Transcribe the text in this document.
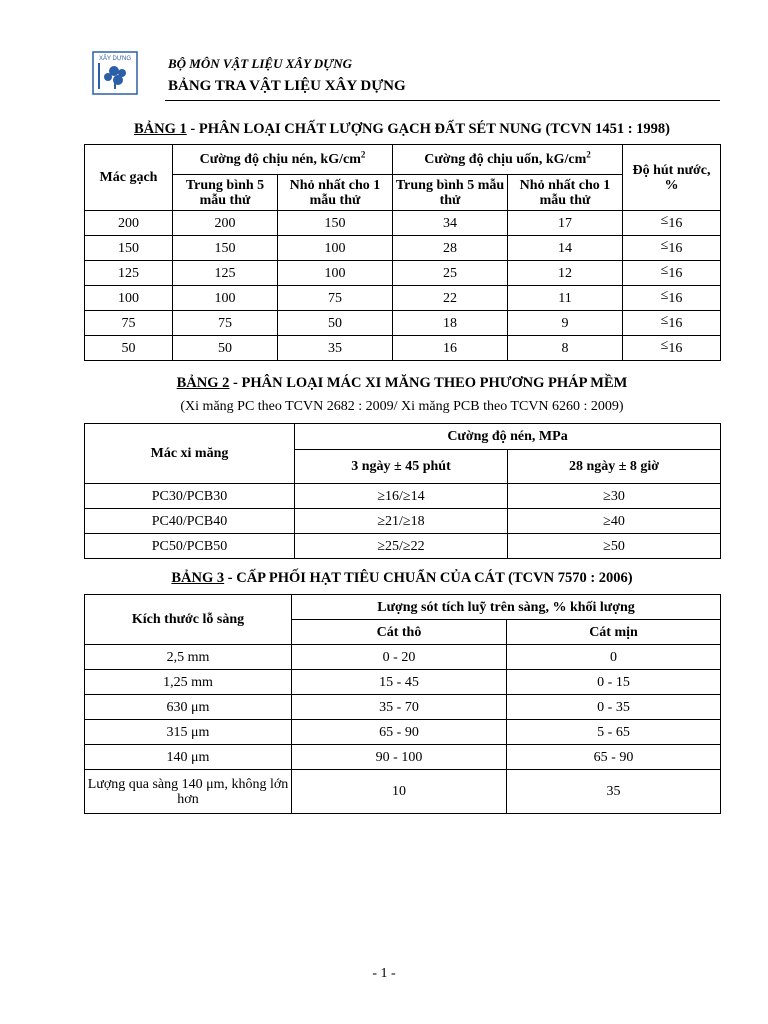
XÂY DỰNG	BỘ MÔN VẬT LIỆU XÂY DỰNG
BẢNG TRA VẬT LIỆU XÂY DỰNG
BẢNG 1 - PHÂN LOẠI CHẤT LƯỢNG GẠCH ĐẤT SÉT NUNG (TCVN 1451 : 1998)
Mác gạch	Cường độ chịu nén, $kG/cm^2$		Cường độ chịu uốn, $kG/cm^2$		Độ hút nước, %
	Trung bình 5 mẫu thử	Nhỏ nhất cho 1 mẫu thử	Trung bình 5 mẫu thử	Nhỏ nhất cho 1 mẫu thử	
200	200	150	34	17	≤16
150	150	100	28	14	≤16
125	125	100	25	12	≤16
100	100	75	22	11	≤16
75	75	50	18	9	≤16
50	50	35	16	8	≤16
BẢNG 2 - PHÂN LOẠI MÁC XI MĂNG THEO PHƯƠNG PHÁP MỀM
(Xi măng PC theo TCVN 2682 : 2009/ Xi măng PCB theo TCVN 6260 : 2009)
Mác xi măng	Cường độ nén, MPa	
	3 ngày ± 45 phút	28 ngày ± 8 giờ
PC30/PCB30	≥16/≥14	≥30
PC40/PCB40	≥21/≥18	≥40
PC50/PCB50	≥25/≥22	≥50
BẢNG 3 - CẤP PHỐI HẠT TIÊU CHUẨN CỦA CÁT (TCVN 7570 : 2006)
Kích thước lỗ sàng	Lượng sót tích luỹ trên sàng, % khối lượng	
	Cát thô	Cát mịn
2,5 mm	0 - 20	0
1,25 mm	15 - 45	0 - 15
630 μm	35 - 70	0 - 35
315 μm	65 - 90	5 - 65
140 μm	90 - 100	65 - 90
Lượng qua sàng 140 μm, không lớn hơn	10	35
- 1 -
